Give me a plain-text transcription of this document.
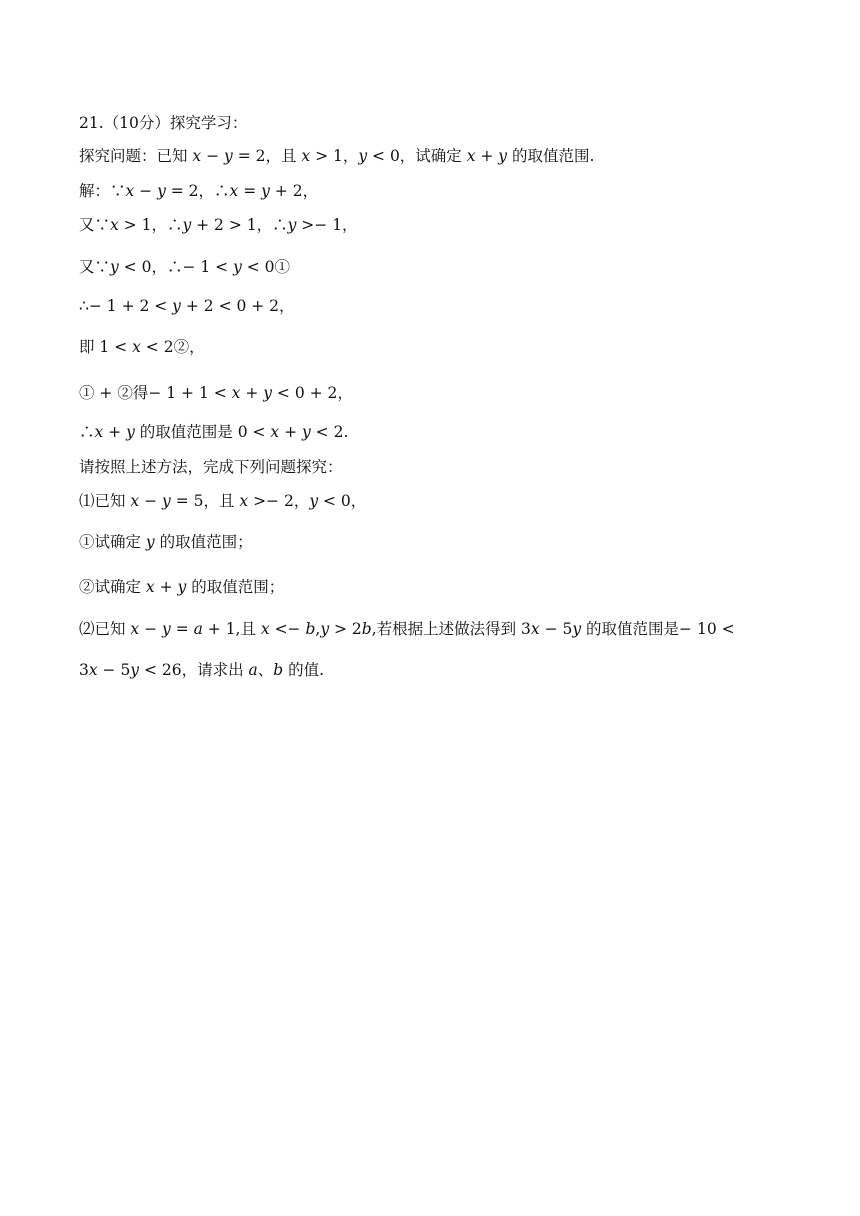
21.（10分）探究学习：
探究问题：已知 𝑥 − 𝑦 = 2，且 𝑥 > 1，𝑦 < 0，试确定 𝑥 + 𝑦 的取值范围.
解：∵𝑥 − 𝑦 = 2，∴𝑥 = 𝑦 + 2，
又∵𝑥 > 1，∴𝑦 + 2 > 1，∴𝑦 >− 1，
又∵𝑦 < 0，∴− 1 < 𝑦 < 0①
∴− 1 + 2 < 𝑦 + 2 < 0 + 2，
即 1 < 𝑥 < 2②，
① + ②得− 1 + 1 < 𝑥 + 𝑦 < 0 + 2，
∴𝑥 + 𝑦 的取值范围是 0 < 𝑥 + 𝑦 < 2.
请按照上述方法，完成下列问题探究：
⑴已知 𝑥 − 𝑦 = 5，且 𝑥 >− 2，𝑦 < 0，
①试确定 𝑦 的取值范围；
②试确定 𝑥 + 𝑦 的取值范围；
⑵已知 𝑥 − 𝑦 = 𝑎 + 1,且 𝑥 <− 𝑏,𝑦 > 2𝑏,若根据上述做法得到 3𝑥 − 5𝑦 的取值范围是− 10 <
3𝑥 − 5𝑦 < 26，请求出 𝑎、𝑏 的值.
